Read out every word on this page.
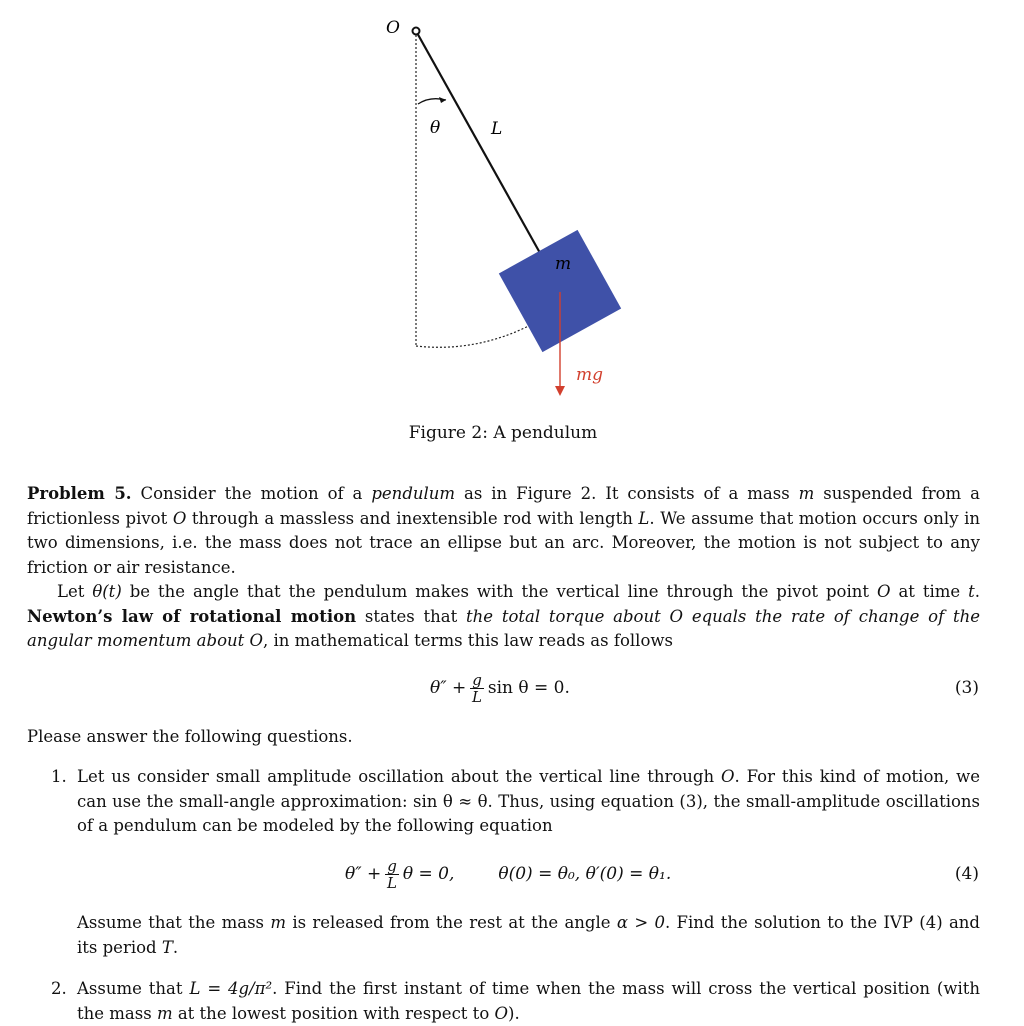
O
θ	L
m
mg
Figure 2: A pendulum
Problem 5. Consider the motion of a pendulum as in Figure 2. It consists of a mass m suspended from a frictionless pivot O through a massless and inextensible rod with length L. We assume that motion occurs only in two dimensions, i.e. the mass does not trace an ellipse but an arc. Moreover, the motion is not subject to any friction or air resistance.
Let θ(t) be the angle that the pendulum makes with the vertical line through the pivot point O at time t. Newton’s law of rotational motion states that the total torque about O equals the rate of change of the angular momentum about O, in mathematical terms this law reads as follows
$\theta'' + \frac{g}{L}$ sin θ = 0.	(3)
Please answer the following questions.
1. Let us consider small amplitude oscillation about the vertical line through O. For this kind of motion, we can use the small-angle approximation: sin θ ≈ θ. Thus, using equation (3), the small-amplitude oscillations of a pendulum can be modeled by the following equation
$\theta'' + \frac{g}{L}$ θ = 0,	θ(0) = θ₀, θ′(0) = θ₁.	(4)
Assume that the mass m is released from the rest at the angle α > 0. Find the solution to the IVP (4) and its period T.
2. Assume that L = 4g/π². Find the first instant of time when the mass will cross the vertical position (with the mass m at the lowest position with respect to O).
